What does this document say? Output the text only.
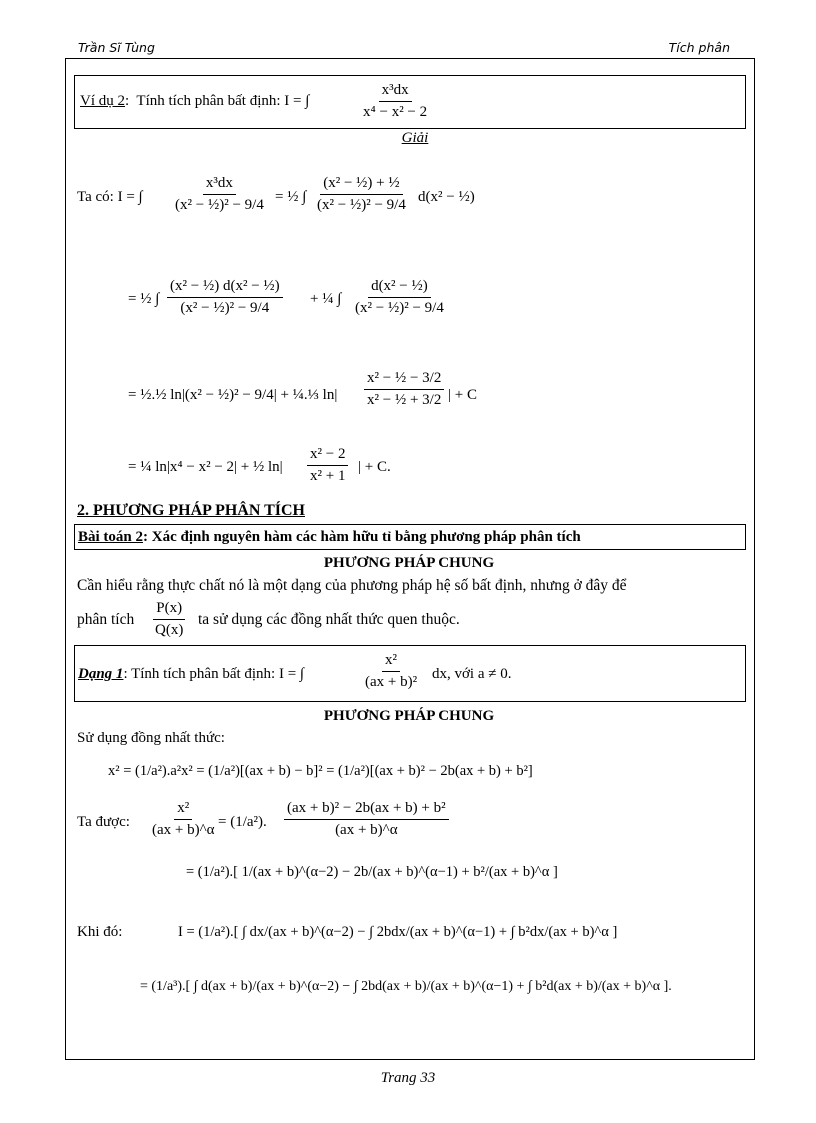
Trần Sĩ Tùng	Tích phân
Ví dụ 2:  Tính tích phân bất định: I = ∫	$\frac{\text{x³dx}}{\text{x⁴ − x² − 2}}$
Giải
Ta có: I = ∫ $\frac{\text{x³dx}}{\text{(x² − ½)² − 9/4}}$ = ½ ∫ $\frac{\text{(x² − ½) + ½}}{\text{(x² − ½)² − 9/4}} d(x^2$ − ½)
= ½ ∫ $\frac{\text{(x² − ½) d(x² − ½)}}{\text{(x² − ½)² − 9/4}}$ + ¼ ∫ $\frac{\text{d(x² − ½)}}{\text{(x² − ½)² − 9/4}}$
= ½.½ ln|(x² − ½)² − 9/4| + ¼.⅓ $\ln| \frac{\text{x² − ½ − 3/2}}{\text{x² − ½ + 3/2}}$ | + C
= ¼ ln|x⁴ − x² − 2| + ½ $\ln| \frac{\text{x² − 2}}{\text{x² + 1}}$ | + C.
2. PHƯƠNG PHÁP PHÂN TÍCH
Bài toán 2: Xác định nguyên hàm các hàm hữu tỉ bằng phương pháp phân tích
PHƯƠNG PHÁP CHUNG
Cần hiểu rằng thực chất nó là một dạng của phương pháp hệ số bất định, nhưng ở đây để
phân tích $\frac{P(x)}{Q(x)}$ ta sử dụng các đồng nhất thức quen thuộc.
Dạng 1: Tính tích phân bất định: I = ∫	$\frac{\text{x²}}{\text{(ax + b)²}}$ dx, với a ≠ 0.
PHƯƠNG PHÁP CHUNG
Sử dụng đồng nhất thức:
x² = (1/a²).a²x² = (1/a²)[(ax + b) − b]² = (1/a²)[(ax + b)² − 2b(ax + b) + b²]
Ta được: $\frac{\text{x²}}{(ax + b)\^{}\alpha} = (1/a^2)$. $\frac{\text{(ax + b)² − 2b(ax + b) + b²}}{(ax + b)\^{}\alpha}$
= (1/a²).[ 1/(ax + b)^(α−2) − 2b/(ax + b)^(α−1) + b²/(ax + b)^α ]
Khi đó:	I = (1/a²).[ ∫ dx/(ax + b)^(α−2) − ∫ 2bdx/(ax + b)^(α−1) + ∫ b²dx/(ax + b)^α ]
= (1/a³).[ ∫ d(ax + b)/(ax + b)^(α−2) − ∫ 2bd(ax + b)/(ax + b)^(α−1) + ∫ b²d(ax + b)/(ax + b)^α ].
Trang 33
